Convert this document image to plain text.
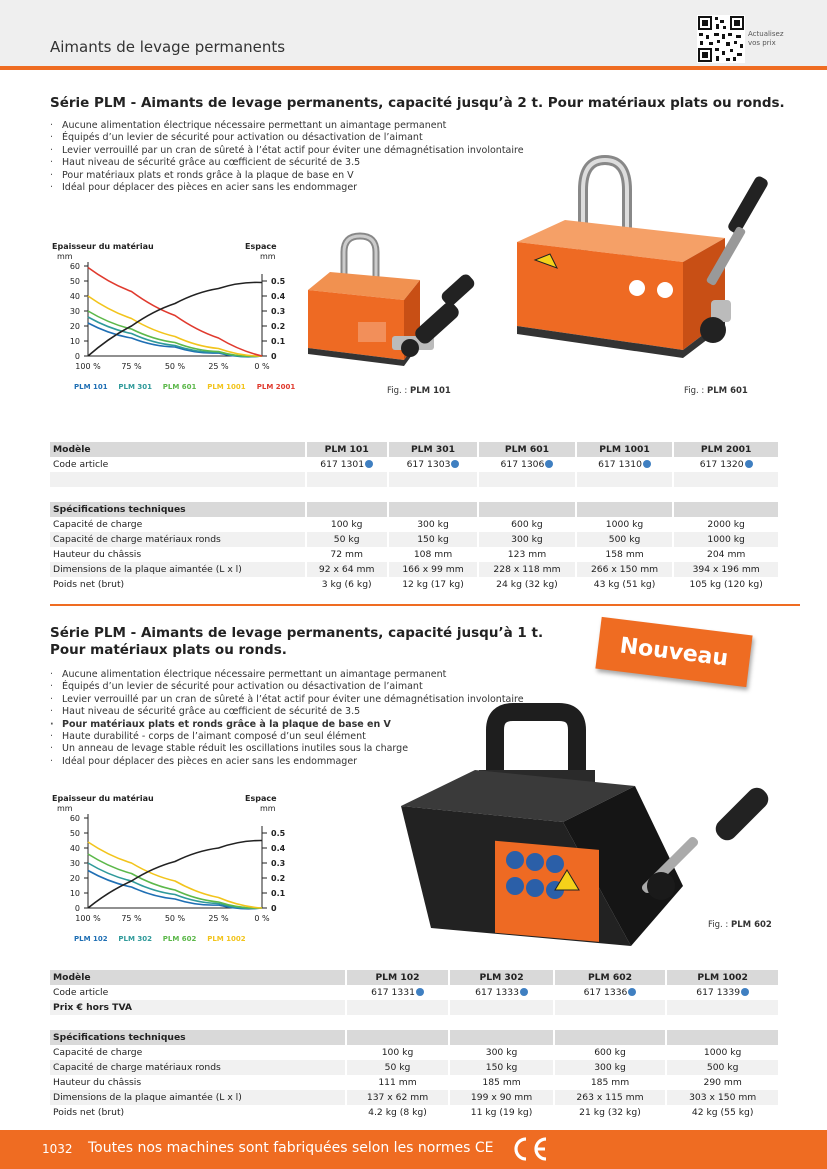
Aimants de levage permanents
Actualisez vos prix
Série PLM - Aimants de levage permanents, capacité jusqu’à 2 t. Pour matériaux plats ou ronds.
· Aucune alimentation électrique nécessaire permettant un aimantage permanent
· Équipés d’un levier de sécurité pour activation ou désactivation de l’aimant
· Levier verrouillé par un cran de sûreté à l’état actif pour éviter une démagnétisation involontaire
· Haut niveau de sécurité grâce au cœfficient de sécurité de 3.5
· Pour matériaux plats et ronds grâce à la plaque de base en V
· Idéal pour déplacer des pièces en acier sans les endommager
Epaisseur du matériau
mm
Espace
mm
0
10
20
30
40
50
60
0
0.1
0.2
0.3
0.4
0.5
100 %	75 %	50 %	25 %	0 %
PLM 101 PLM 301 PLM 601 PLM 1001 PLM 2001	Fig. : PLM 101	Fig. : PLM 601
Modèle	PLM 101	PLM 301	PLM 601	PLM 1001	PLM 2001
Code article	617 1301	617 1303	617 1306	617 1310	617 1320

Spécifications techniques					
Capacité de charge	100 kg	300 kg	600 kg	1000 kg	2000 kg
Capacité de charge matériaux ronds	50 kg	150 kg	300 kg	500 kg	1000 kg
Hauteur du châssis	72 mm	108 mm	123 mm	158 mm	204 mm
Dimensions de la plaque aimantée (L x l)	92 x 64 mm	166 x 99 mm	228 x 118 mm	266 x 150 mm	394 x 196 mm
Poids net (brut)	3 kg (6 kg)	12 kg (17 kg)	24 kg (32 kg)	43 kg (51 kg)	105 kg (120 kg)
Série PLM - Aimants de levage permanents, capacité jusqu’à 1 t.
Pour matériaux plats ou ronds.	Nouveau
· Aucune alimentation électrique nécessaire permettant un aimantage permanent
· Équipés d’un levier de sécurité pour activation ou désactivation de l’aimant
· Levier verrouillé par un cran de sûreté à l’état actif pour éviter une démagnétisation involontaire
· Haut niveau de sécurité grâce au cœfficient de sécurité de 3.5
· Pour matériaux plats et ronds grâce à la plaque de base en V
· Haute durabilité - corps de l’aimant composé d’un seul élément
· Un anneau de levage stable réduit les oscillations inutiles sous la charge
· Idéal pour déplacer des pièces en acier sans les endommager
Epaisseur du matériau
mm
Espace
mm
0
10
20
30
40
50
60
0
0.1
0.2
0.3
0.4
0.5
100 %	75 %	50 %	25 %	0 %
PLM 102 PLM 302 PLM 602 PLM 1002
Fig. : PLM 602
Modèle	PLM 102	PLM 302	PLM 602	PLM 1002
Code article	617 1331	617 1333	617 1336	617 1339
Prix € hors TVA				

Spécifications techniques				
Capacité de charge	100 kg	300 kg	600 kg	1000 kg
Capacité de charge matériaux ronds	50 kg	150 kg	300 kg	500 kg
Hauteur du châssis	111 mm	185 mm	185 mm	290 mm
Dimensions de la plaque aimantée (L x l)	137 x 62 mm	199 x 90 mm	263 x 115 mm	303 x 150 mm
Poids net (brut)	4.2 kg (8 kg)	11 kg (19 kg)	21 kg (32 kg)	42 kg (55 kg)
1032 Toutes nos machines sont fabriquées selon les normes CE
